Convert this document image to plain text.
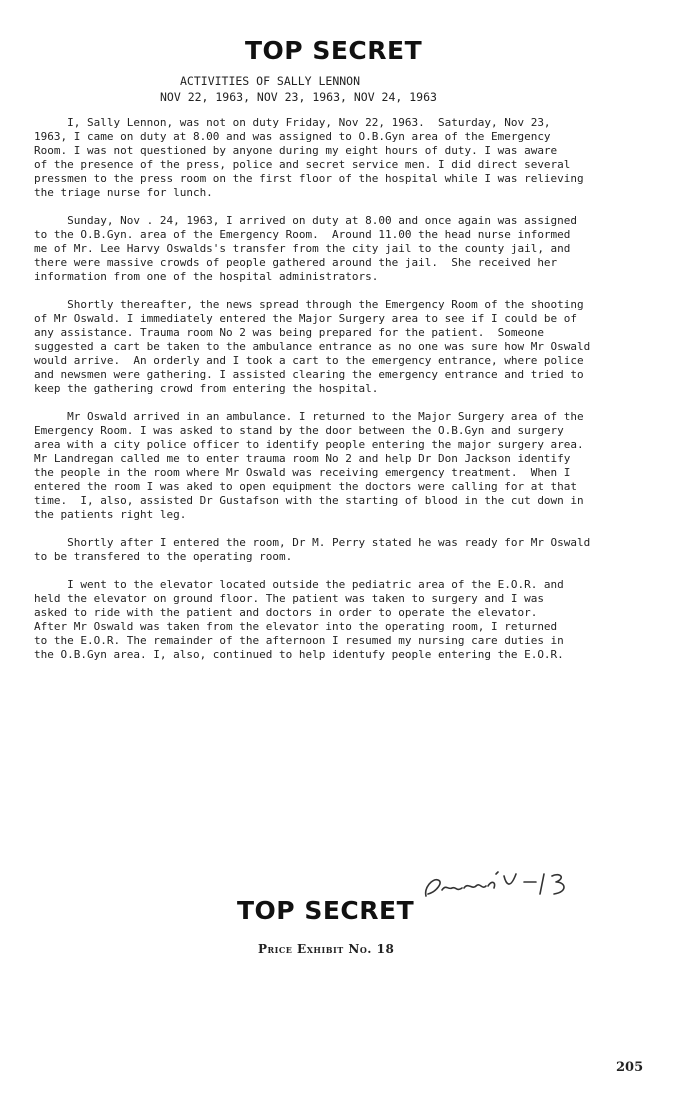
TOP SECRET
ACTIVITIES OF SALLY LENNON
NOV 22, 1963, NOV 23, 1963, NOV 24, 1963

I, Sally Lennon, was not on duty Friday, Nov 22, 1963.  Saturday, Nov 23,
1963, I came on duty at 8.00 and was assigned to O.B.Gyn area of the Emergency
Room. I was not questioned by anyone during my eight hours of duty. I was aware
of the presence of the press, police and secret service men. I did direct several
pressmen to the press room on the first floor of the hospital while I was relieving
the triage nurse for lunch.

Sunday, Nov . 24, 1963, I arrived on duty at 8.00 and once again was assigned
to the O.B.Gyn. area of the Emergency Room.  Around 11.00 the head nurse informed
me of Mr. Lee Harvy Oswalds's transfer from the city jail to the county jail, and
there were massive crowds of people gathered around the jail.  She received her
information from one of the hospital administrators.

Shortly thereafter, the news spread through the Emergency Room of the shooting
of Mr Oswald. I immediately entered the Major Surgery area to see if I could be of
any assistance. Trauma room No 2 was being prepared for the patient.  Someone
suggested a cart be taken to the ambulance entrance as no one was sure how Mr Oswald
would arrive.  An orderly and I took a cart to the emergency entrance, where police
and newsmen were gathering. I assisted clearing the emergency entrance and tried to
keep the gathering crowd from entering the hospital.

Mr Oswald arrived in an ambulance. I returned to the Major Surgery area of the
Emergency Room. I was asked to stand by the door between the O.B.Gyn and surgery
area with a city police officer to identify people entering the major surgery area.
Mr Landregan called me to enter trauma room No 2 and help Dr Don Jackson identify
the people in the room where Mr Oswald was receiving emergency treatment.  When I
entered the room I was aked to open equipment the doctors were calling for at that
time.  I, also, assisted Dr Gustafson with the starting of blood in the cut down in
the patients right leg.

Shortly after I entered the room, Dr M. Perry stated he was ready for Mr Oswald
to be transfered to the operating room.

I went to the elevator located outside the pediatric area of the E.O.R. and
held the elevator on ground floor. The patient was taken to surgery and I was
asked to ride with the patient and doctors in order to operate the elevator.
After Mr Oswald was taken from the elevator into the operating room, I returned
to the E.O.R. The remainder of the afternoon I resumed my nursing care duties in
the O.B.Gyn area. I, also, continued to help identufy people entering the E.O.R.

TOP SECRET
Price Exhibit No. 18
205
